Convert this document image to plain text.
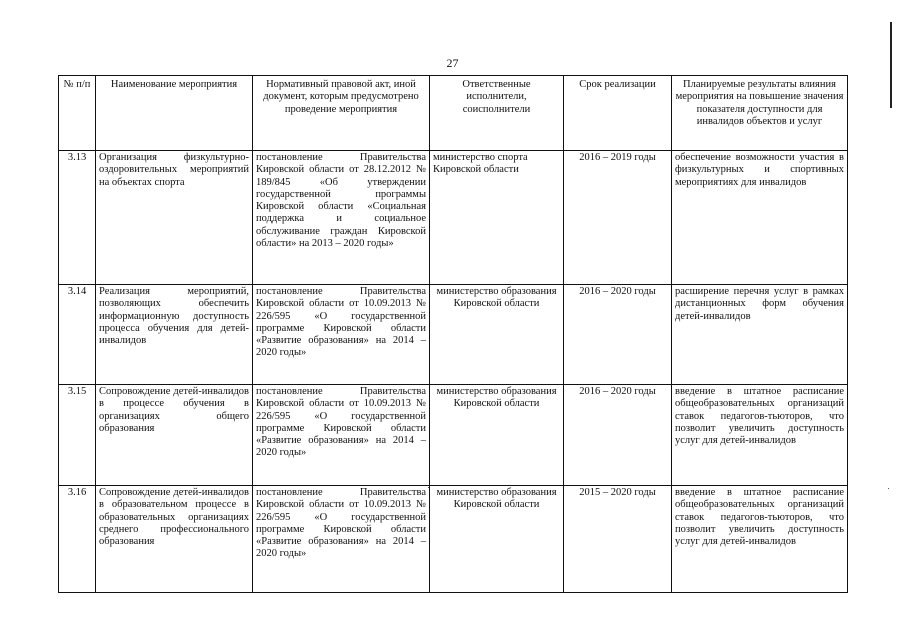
27
№ п/п	Наименование мероприятия	Нормативный правовой акт, иной документ, которым предусмотрено проведение мероприятия	Ответственные исполнители, соисполнители	Срок реализации	Планируемые результаты влияния мероприятия на повышение значения показателя доступности для инвалидов объектов и услуг
3.13	Организация физкультурно-оздоровительных мероприятий на объектах спорта	постановление Правительства Кировской области от 28.12.2012 № 189/845 «Об утверждении государственной программы Кировской области «Социальная поддержка и социальное обслуживание граждан Кировской области» на 2013 – 2020 годы»	министерство спорта Кировской области	2016 – 2019 годы	обеспечение возможности участия в физкультурных и спортивных мероприятиях для инвалидов
3.14	Реализация мероприятий, позволяющих обеспечить информационную доступность процесса обучения для детей-инвалидов	постановление Правительства Кировской области от 10.09.2013 № 226/595 «О государственной программе Кировской области «Развитие образования» на 2014 – 2020 годы»	министерство образования Кировской области	2016 – 2020 годы	расширение перечня услуг в рамках дистанционных форм обучения детей-инвалидов
3.15	Сопровождение детей-инвалидов в процессе обучения в организациях общего образования	постановление Правительства Кировской области от 10.09.2013 № 226/595 «О государственной программе Кировской области «Развитие образования» на 2014 – 2020 годы»	министерство образования Кировской области	2016 – 2020 годы	введение в штатное расписание общеобразовательных организаций ставок педагогов-тьюторов, что позволит увеличить доступность услуг для детей-инвалидов
3.16	Сопровождение детей-инвалидов в образовательном процессе в образовательных организациях среднего профессионального образования	постановление Правительства Кировской области от 10.09.2013 № 226/595 «О государственной программе Кировской области «Развитие образования» на 2014 – 2020 годы»	министерство образования Кировской области	2015 – 2020 годы	введение в штатное расписание общеобразовательных организаций ставок педагогов-тьюторов, что позволит увеличить доступность услуг для детей-инвалидов
